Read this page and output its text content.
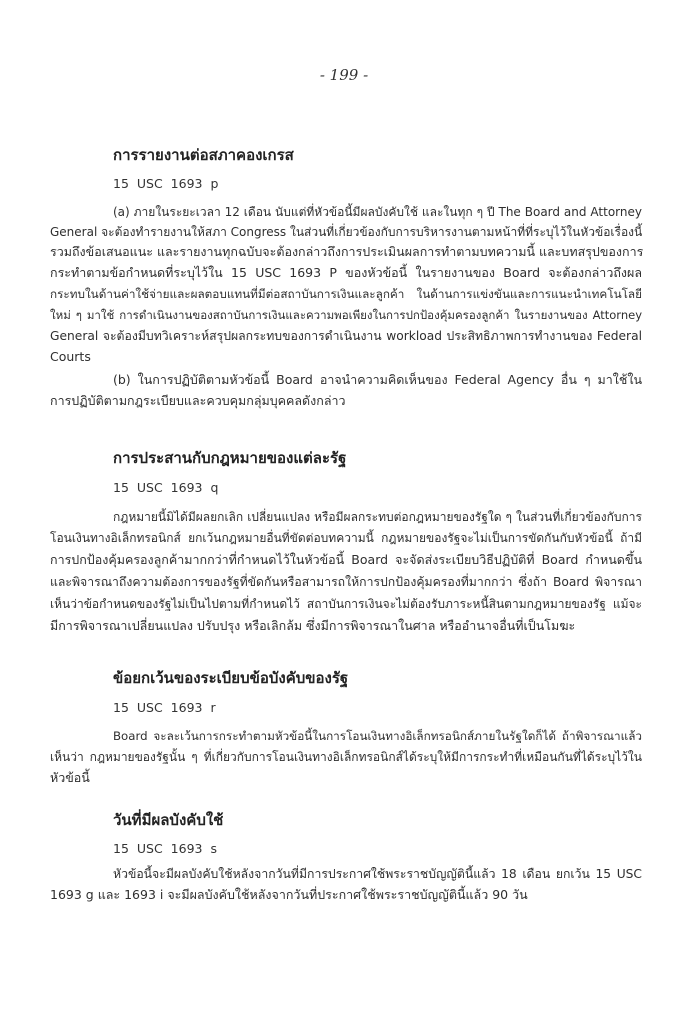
- 199 -
การรายงานต่อสภาคองเกรส
15 USC 1693 p
(a) ภายในระยะเวลา 12 เดือน นับแต่ที่หัวข้อนี้มีผลบังคับใช้ และในทุก ๆ ปี The Board and Attorney
General จะต้องทำรายงานให้สภา Congress ในส่วนที่เกี่ยวข้องกับการบริหารงานตามหน้าที่ที่ระบุไว้ในหัวข้อเรื่องนี้
รวมถึงข้อเสนอแนะ และรายงานทุกฉบับจะต้องกล่าวถึงการประเมินผลการทำตามบทความนี้ และบทสรุปของการ
กระทำตามข้อกำหนดที่ระบุไว้ใน 15 USC 1693 P ของหัวข้อนี้ ในรายงานของ Board จะต้องกล่าวถึงผล
กระทบในด้านค่าใช้จ่ายและผลตอบแทนที่มีต่อสถาบันการเงินและลูกค้า ในด้านการแข่งขันและการแนะนำเทคโนโลยี
ใหม่ ๆ มาใช้ การดำเนินงานของสถาบันการเงินและความพอเพียงในการปกป้องคุ้มครองลูกค้า ในรายงานของ Attorney
General จะต้องมีบทวิเคราะห์สรุปผลกระทบของการดำเนินงาน workload ประสิทธิภาพการทำงานของ Federal
Courts
(b) ในการปฏิบัติตามหัวข้อนี้ Board อาจนำความคิดเห็นของ Federal Agency อื่น ๆ มาใช้ใน
การปฏิบัติตามกฎระเบียบและควบคุมกลุ่มบุคคลดังกล่าว
การประสานกับกฎหมายของแต่ละรัฐ
15 USC 1693 q
กฎหมายนี้มิได้มีผลยกเลิก เปลี่ยนแปลง หรือมีผลกระทบต่อกฎหมายของรัฐใด ๆ ในส่วนที่เกี่ยวข้องกับการ
โอนเงินทางอิเล็กทรอนิกส์ ยกเว้นกฎหมายอื่นที่ขัดต่อบทความนี้ กฎหมายของรัฐจะไม่เป็นการขัดกันกับหัวข้อนี้ ถ้ามี
การปกป้องคุ้มครองลูกค้ามากกว่าที่กำหนดไว้ในหัวข้อนี้ Board จะจัดส่งระเบียบวิธีปฏิบัติที่ Board กำหนดขึ้น
และพิจารณาถึงความต้องการของรัฐที่ขัดกันหรือสามารถให้การปกป้องคุ้มครองที่มากกว่า ซึ่งถ้า Board พิจารณา
เห็นว่าข้อกำหนดของรัฐไม่เป็นไปตามที่กำหนดไว้ สถาบันการเงินจะไม่ต้องรับภาระหนี้สินตามกฎหมายของรัฐ แม้จะ
มีการพิจารณาเปลี่ยนแปลง ปรับปรุง หรือเลิกล้ม ซึ่งมีการพิจารณาในศาล หรืออำนาจอื่นที่เป็นโมฆะ
ข้อยกเว้นของระเบียบข้อบังคับของรัฐ
15 USC 1693 r
Board จะละเว้นการกระทำตามหัวข้อนี้ในการโอนเงินทางอิเล็กทรอนิกส์ภายในรัฐใดก็ได้ ถ้าพิจารณาแล้ว
เห็นว่า กฎหมายของรัฐนั้น ๆ ที่เกี่ยวกับการโอนเงินทางอิเล็กทรอนิกส์ได้ระบุให้มีการกระทำที่เหมือนกันที่ได้ระบุไว้ใน
หัวข้อนี้
วันที่มีผลบังคับใช้
15 USC 1693 s
หัวข้อนี้จะมีผลบังคับใช้หลังจากวันที่มีการประกาศใช้พระราชบัญญัตินี้แล้ว 18 เดือน ยกเว้น 15 USC
1693 g และ 1693 i จะมีผลบังคับใช้หลังจากวันที่ประกาศใช้พระราชบัญญัตินี้แล้ว 90 วัน
